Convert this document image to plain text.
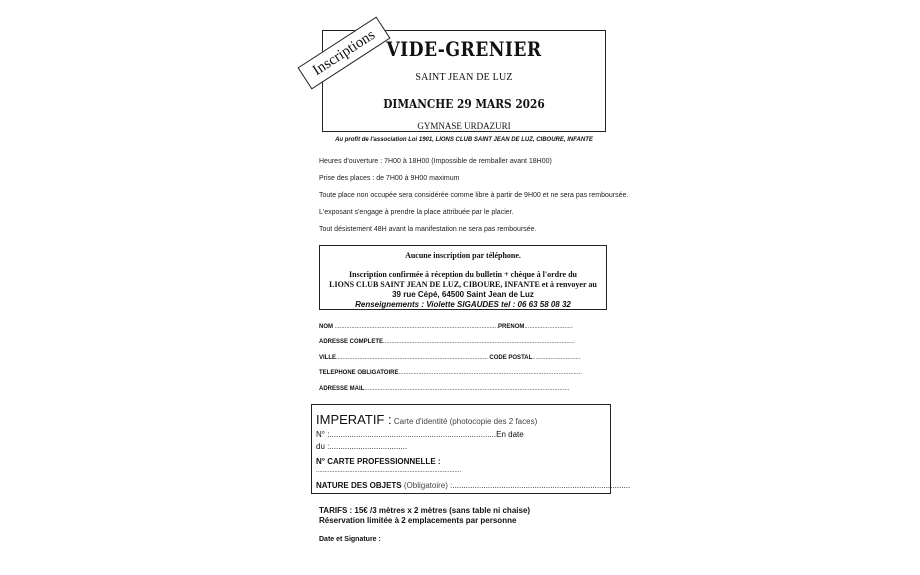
VIDE-GRENIER
SAINT JEAN DE LUZ
DIMANCHE 29 MARS 2026
GYMNASE URDAZURI
Inscriptions
Au profit de l'association Loi 1901, LIONS CLUB SAINT JEAN DE LUZ, CIBOURE, INFANTE
Heures d'ouverture : 7H00 à 18H00 (Impossible de remballer avant 18H00)
Prise des places : de 7H00 à 9H00 maximum
Toute place non occupée sera considérée comme libre à partir de 9H00 et ne sera pas remboursée.
L'exposant s'engage à prendre la place attribuée par le placier.
Tout désistement 48H avant la manifestation ne sera pas remboursée.
Aucune inscription par téléphone.
Inscription confirmée à réception du bulletin + chèque à l'ordre du
LIONS CLUB SAINT JEAN DE LUZ, CIBOURE, INFANTE et à renvoyer au
39 rue Cépé, 64500 Saint Jean de Luz
Renseignements : Violette SIGAUDES tel : 06 63 58 08 32
NOM ..................................................................................................PRENOM.............................
ADRESSE COMPLETE...................................................................................................................
VILLE........................................................................................... CODE POSTAL.............................
TELEPHONE OBLIGATOIRE..............................................................................................................
ADRESSE MAIL...........................................................................................................................
IMPERATIF : Carte d'identité (photocopie des 2 faces)
N° :...........................................................................En date
du :...................................
N° CARTE PROFESSIONNELLE :
.......................................................................................
NATURE DES OBJETS (Obligatoire) :................................................................................
TARIFS : 15€ /3 mètres x 2 mètres (sans table ni chaise)
Réservation limitée à 2 emplacements par personne
Date et Signature :
